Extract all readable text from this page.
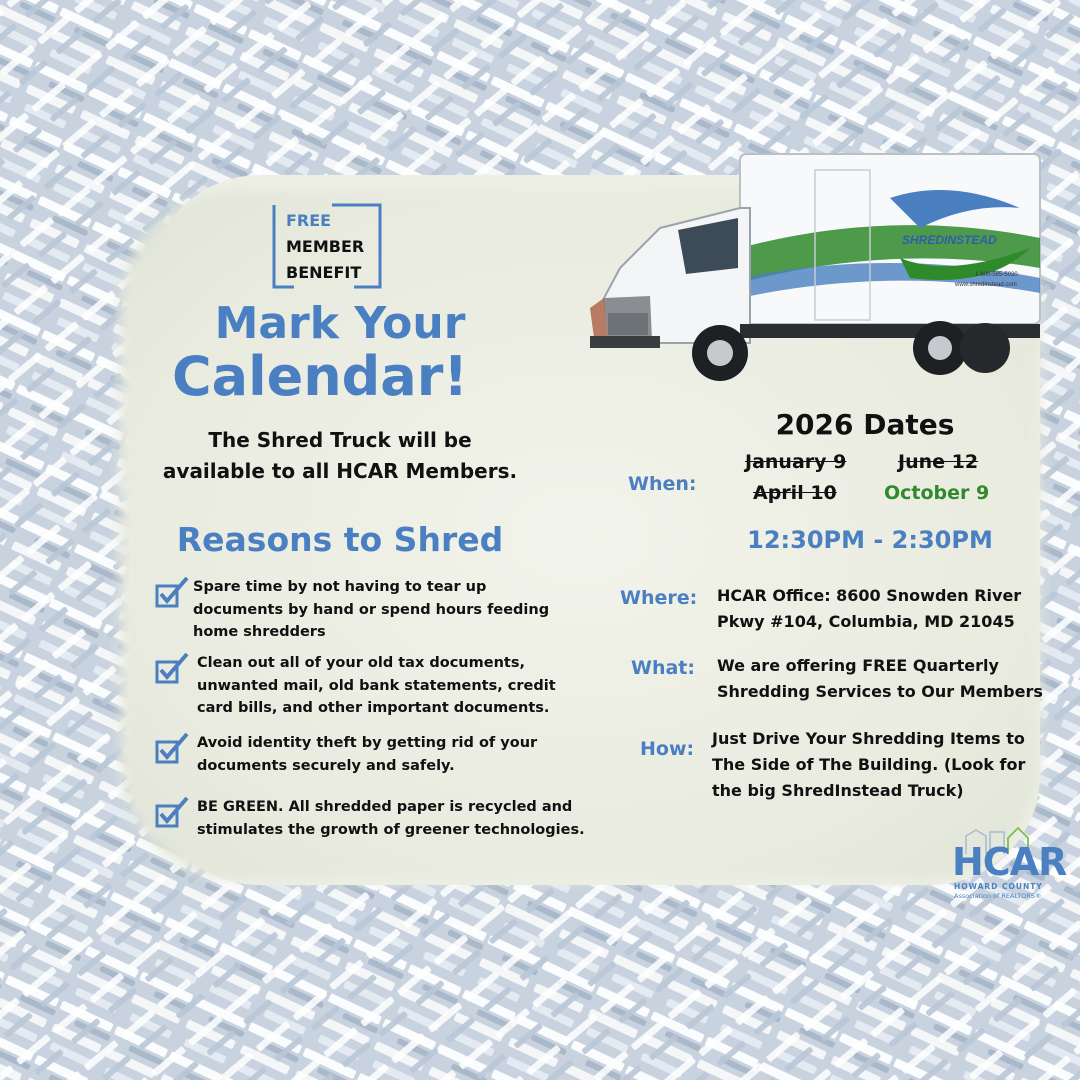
FREE
MEMBER
BENEFIT
Mark Your
Calendar!
The Shred Truck will be
available to all HCAR Members.
Reasons to Shred
Spare time by not having to tear up
documents by hand or spend hours feeding
home shredders
Clean out all of your old tax documents,
unwanted mail, old bank statements, credit
card bills, and other important documents.
Avoid identity theft by getting rid of your
documents securely and safely.
BE GREEN. All shredded paper is recycled and
stimulates the growth of greener technologies.
SHREDINSTEAD
1-800-585-5030
www.shredinstead.com
2026 Dates
When:
January 9	June 12
April 10 October 9
12:30PM - 2:30PM
Where: HCAR Office: 8600 Snowden River
Pkwy #104, Columbia, MD 21045
What: We are offering FREE Quarterly
Shredding Services to Our Members
How: Just Drive Your Shredding Items to
The Side of The Building. (Look for
the big ShredInstead Truck)
HCAR
HOWARD COUNTY
Association of REALTORS®
